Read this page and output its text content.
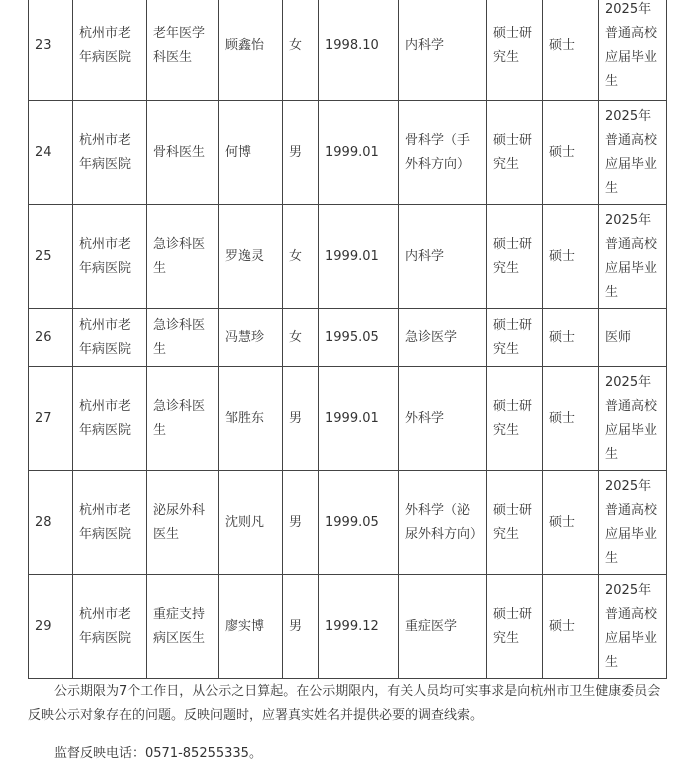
23	杭州市老年病医院	老年医学科医生	顾鑫怡	女	1998.10	内科学	硕士研究生	硕士	2025年普通高校应届毕业生
24	杭州市老年病医院	骨科医生	何博	男	1999.01	骨科学（手外科方向）	硕士研究生	硕士	2025年普通高校应届毕业生
25	杭州市老年病医院	急诊科医生	罗逸灵	女	1999.01	内科学	硕士研究生	硕士	2025年普通高校应届毕业生
26	杭州市老年病医院	急诊科医生	冯慧珍	女	1995.05	急诊医学	硕士研究生	硕士	医师
27	杭州市老年病医院	急诊科医生	邹胜东	男	1999.01	外科学	硕士研究生	硕士	2025年普通高校应届毕业生
28	杭州市老年病医院	泌尿外科医生	沈则凡	男	1999.05	外科学（泌尿外科方向）	硕士研究生	硕士	2025年普通高校应届毕业生
29	杭州市老年病医院	重症支持病区医生	廖实博	男	1999.12	重症医学	硕士研究生	硕士	2025年普通高校应届毕业生

公示期限为7个工作日，从公示之日算起。在公示期限内，有关人员均可实事求是向杭州市卫生健康委员会反映公示对象存在的问题。反映问题时，应署真实姓名并提供必要的调查线索。

监督反映电话：0571-85255335。
